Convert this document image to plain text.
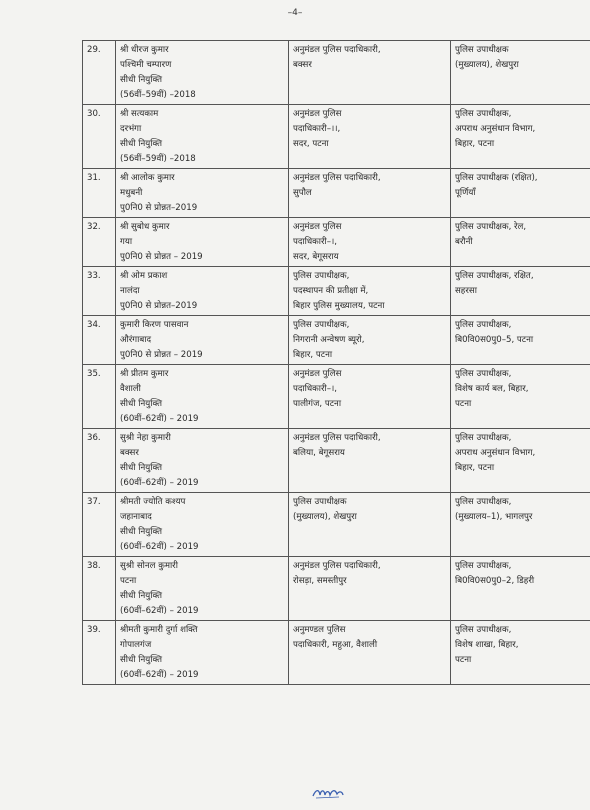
–4–
29.	श्री धीरज कुमार
पश्चिमी चम्पारण
सीधी नियुक्ति
(56वीं–59वीं) –2018	अनुमंडल पुलिस पदाधिकारी,
बक्सर	पुलिस उपाधीक्षक
(मुख्यालय), शेखपुरा

30.	श्री सत्यकाम
दरभंगा
सीधी नियुक्ति
(56वीं–59वीं) –2018	अनुमंडल पुलिस
पदाधिकारी–।।,
सदर, पटना	पुलिस उपाधीक्षक,
अपराध अनुसंधान विभाग,
बिहार, पटना

31.	श्री आलोक कुमार
मधुबनी
पु0नि0 से प्रोन्नत–2019	अनुमंडल पुलिस पदाधिकारी,
सुपौल	पुलिस उपाधीक्षक (रक्षित),
पूर्णियाँ

32.	श्री सुबोध कुमार
गया
पु0नि0 से प्रोन्नत – 2019	अनुमंडल पुलिस
पदाधिकारी–।,
सदर, बेगूसराय	पुलिस उपाधीक्षक, रेल,
बरौनी

33.	श्री ओम प्रकाश
नालंदा
पु0नि0 से प्रोन्नत–2019	पुलिस उपाधीक्षक,
पदस्थापन की प्रतीक्षा में,
बिहार पुलिस मुख्यालय, पटना	पुलिस उपाधीक्षक, रक्षित,
सहरसा

34.	कुमारी किरण पासवान
औरंगाबाद
पु0नि0 से प्रोन्नत – 2019	पुलिस उपाधीक्षक,
निगरानी अन्वेषण ब्यूरो,
बिहार, पटना	पुलिस उपाधीक्षक,
बि0वि0स0पु0–5, पटना

35.	श्री प्रीतम कुमार
वैशाली
सीधी नियुक्ति
(60वीं–62वीं) – 2019	अनुमंडल पुलिस
पदाधिकारी–।,
पालीगंज, पटना	पुलिस उपाधीक्षक,
विशेष कार्य बल, बिहार,
पटना

36.	सुश्री नेहा कुमारी
बक्सर
सीधी नियुक्ति
(60वीं–62वीं) – 2019	अनुमंडल पुलिस पदाधिकारी,
बलिया, बेगूसराय	पुलिस उपाधीक्षक,
अपराध अनुसंधान विभाग,
बिहार, पटना

37.	श्रीमती ज्योति कश्यप
जहानाबाद
सीधी नियुक्ति
(60वीं–62वीं) – 2019	पुलिस उपाधीक्षक
(मुख्यालय), शेखपुरा	पुलिस उपाधीक्षक,
(मुख्यालय–1), भागलपुर

38.	सुश्री सोनल कुमारी
पटना
सीधी नियुक्ति
(60वीं–62वीं) – 2019	अनुमंडल पुलिस पदाधिकारी,
रोसड़ा, समस्तीपुर	पुलिस उपाधीक्षक,
बि0वि0स0पु0–2, डिहरी

39.	श्रीमती कुमारी दुर्गा शक्ति
गोपालगंज
सीधी नियुक्ति
(60वीं–62वीं) – 2019	अनुमण्डल पुलिस
पदाधिकारी, महुआ, वैशाली	पुलिस उपाधीक्षक,
विशेष शाखा, बिहार,
पटना
